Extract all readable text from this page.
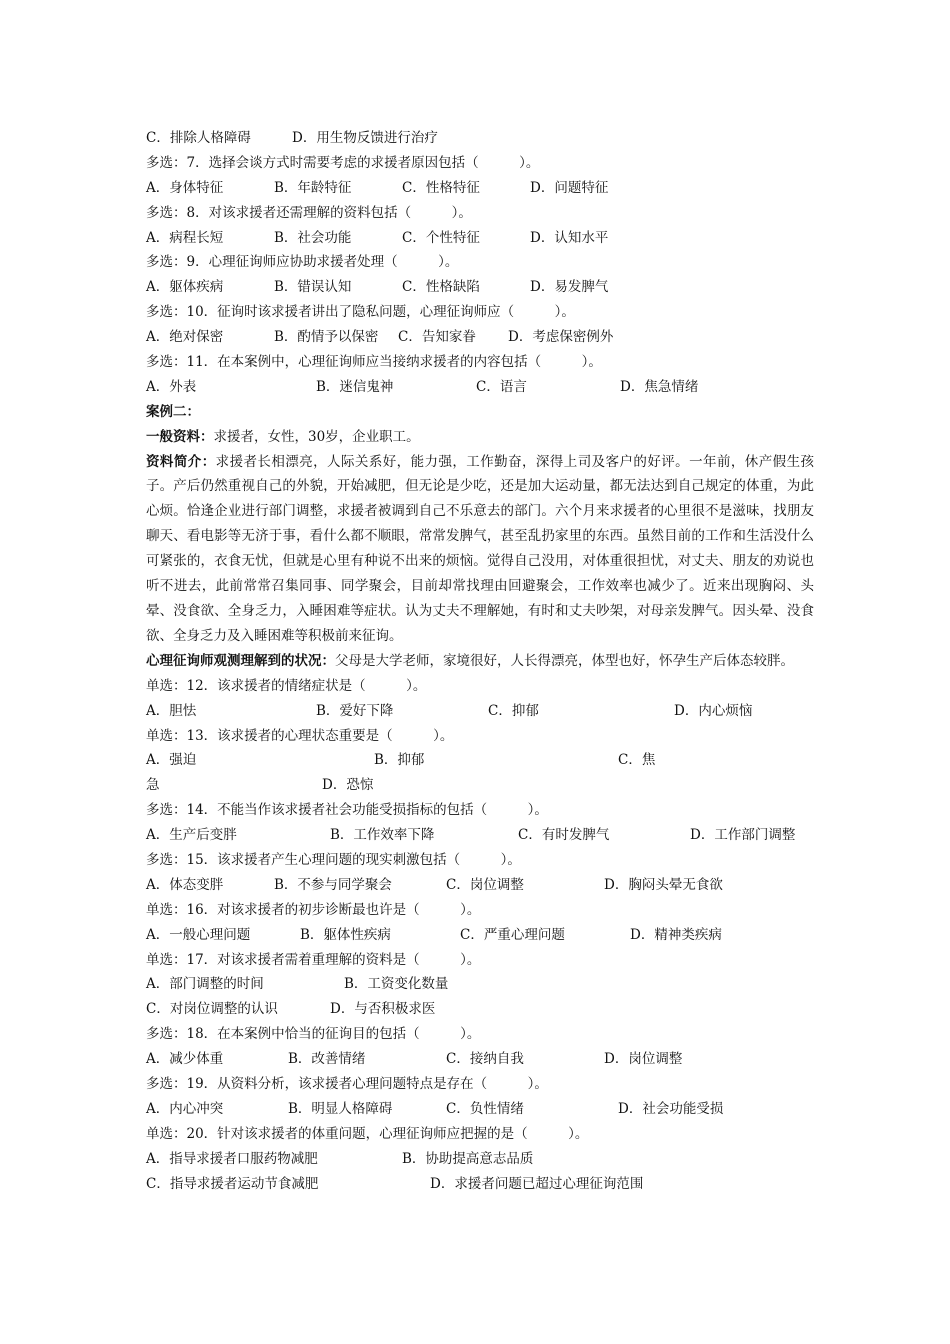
C．排除人格障碍	D．用生物反馈进行治疗
多选：7．选择会谈方式时需要考虑的求援者原因包括（　　　）。
A．身体特征	B．年龄特征	C．性格特征	D．问题特征
多选：8．对该求援者还需理解的资料包括（　　　）。
A．病程长短	B．社会功能	C．个性特征	D．认知水平
多选：9．心理征询师应协助求援者处理（　　　）。
A．躯体疾病	B．错误认知	C．性格缺陷	D．易发脾气
多选：10．征询时该求援者讲出了隐私问题，心理征询师应（　　　）。
A．绝对保密	B．酌情予以保密 C．告知家眷 D．考虑保密例外
多选：11．在本案例中，心理征询师应当接纳求援者的内容包括（　　　）。
A．外表	B．迷信鬼神	C．语言	D．焦急情绪
案例二：
一般资料：求援者，女性，30岁，企业职工。
资料简介：求援者长相漂亮，人际关系好，能力强，工作勤奋，深得上司及客户的好评。一年前，休产假生孩子。产后仍然重视自己的外貌，开始减肥，但无论是少吃，还是加大运动量，都无法达到自己规定的体重，为此心烦。恰逢企业进行部门调整，求援者被调到自己不乐意去的部门。六个月来求援者的心里很不是滋味，找朋友聊天、看电影等无济于事，看什么都不顺眼，常常发脾气，甚至乱扔家里的东西。虽然目前的工作和生活没什么可紧张的，衣食无忧，但就是心里有种说不出来的烦恼。觉得自己没用，对体重很担忧，对丈夫、朋友的劝说也听不进去，此前常常召集同事、同学聚会，目前却常找理由回避聚会，工作效率也减少了。近来出现胸闷、头晕、没食欲、全身乏力，入睡困难等症状。认为丈夫不理解她，有时和丈夫吵架，对母亲发脾气。因头晕、没食欲、全身乏力及入睡困难等积极前来征询。
心理征询师观测理解到的状况：父母是大学老师，家境很好，人长得漂亮，体型也好，怀孕生产后体态较胖。
单选：12．该求援者的情绪症状是（　　　）。
A．胆怯	B．爱好下降	C．抑郁	D．内心烦恼
单选：13．该求援者的心理状态重要是（　　　）。
A．强迫	B．抑郁	C．焦
急	D．恐惊
多选：14．不能当作该求援者社会功能受损指标的包括（　　　）。
A．生产后变胖	B．工作效率下降	C．有时发脾气	D．工作部门调整
多选：15．该求援者产生心理问题的现实刺激包括（　　　）。
A．体态变胖	B．不参与同学聚会	C．岗位调整	D．胸闷头晕无食欲
单选：16．对该求援者的初步诊断最也许是（　　　）。
A．一般心理问题	B．躯体性疾病	C．严重心理问题	D．精神类疾病
单选：17．对该求援者需着重理解的资料是（　　　）。
A．部门调整的时间	B．工资变化数量
C．对岗位调整的认识	D．与否积极求医
多选：18．在本案例中恰当的征询目的包括（　　　）。
A．减少体重	B．改善情绪	C．接纳自我	D．岗位调整
多选：19．从资料分析，该求援者心理问题特点是存在（　　　）。
A．内心冲突	B．明显人格障碍	C．负性情绪	D．社会功能受损
单选：20．针对该求援者的体重问题，心理征询师应把握的是（　　　）。
A．指导求援者口服药物减肥	B．协助提高意志品质
C．指导求援者运动节食减肥	D．求援者问题已超过心理征询范围
